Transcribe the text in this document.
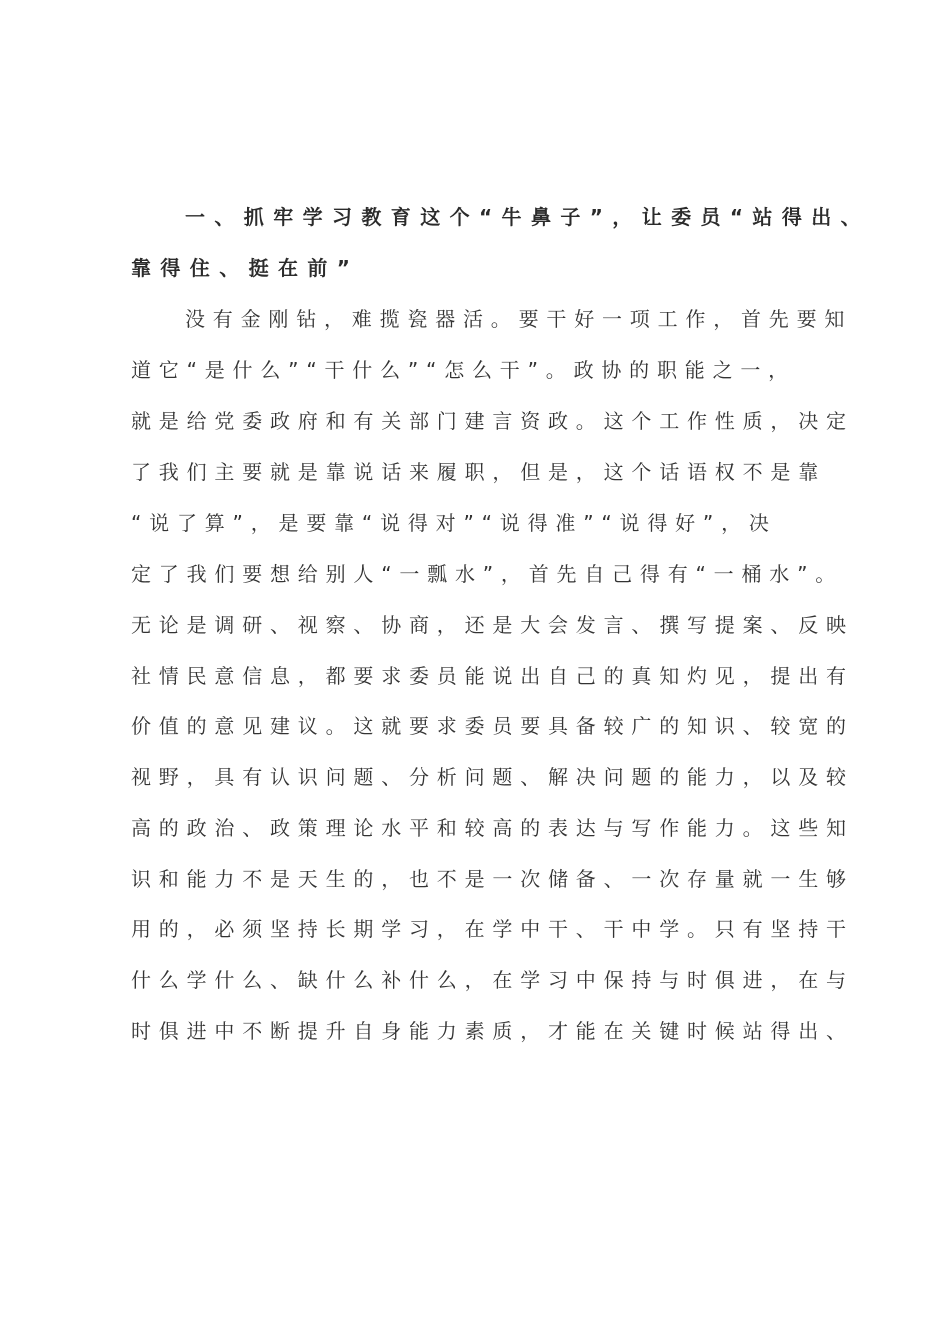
一、抓牢学习教育这个“牛鼻子”，让委员“站得出、
靠得住、挺在前”
没有金刚钻，难揽瓷器活。要干好一项工作，首先要知
道它“是什么”“干什么”“怎么干”。政协的职能之一，
就是给党委政府和有关部门建言资政。这个工作性质，决定
了我们主要就是靠说话来履职，但是，这个话语权不是靠
“说了算”，是要靠“说得对”“说得准”“说得好”，决
定了我们要想给别人“一瓢水”，首先自己得有“一桶水”。
无论是调研、视察、协商，还是大会发言、撰写提案、反映
社情民意信息，都要求委员能说出自己的真知灼见，提出有
价值的意见建议。这就要求委员要具备较广的知识、较宽的
视野，具有认识问题、分析问题、解决问题的能力，以及较
高的政治、政策理论水平和较高的表达与写作能力。这些知
识和能力不是天生的，也不是一次储备、一次存量就一生够
用的，必须坚持长期学习，在学中干、干中学。只有坚持干
什么学什么、缺什么补什么，在学习中保持与时俱进，在与
时俱进中不断提升自身能力素质，才能在关键时候站得出、
